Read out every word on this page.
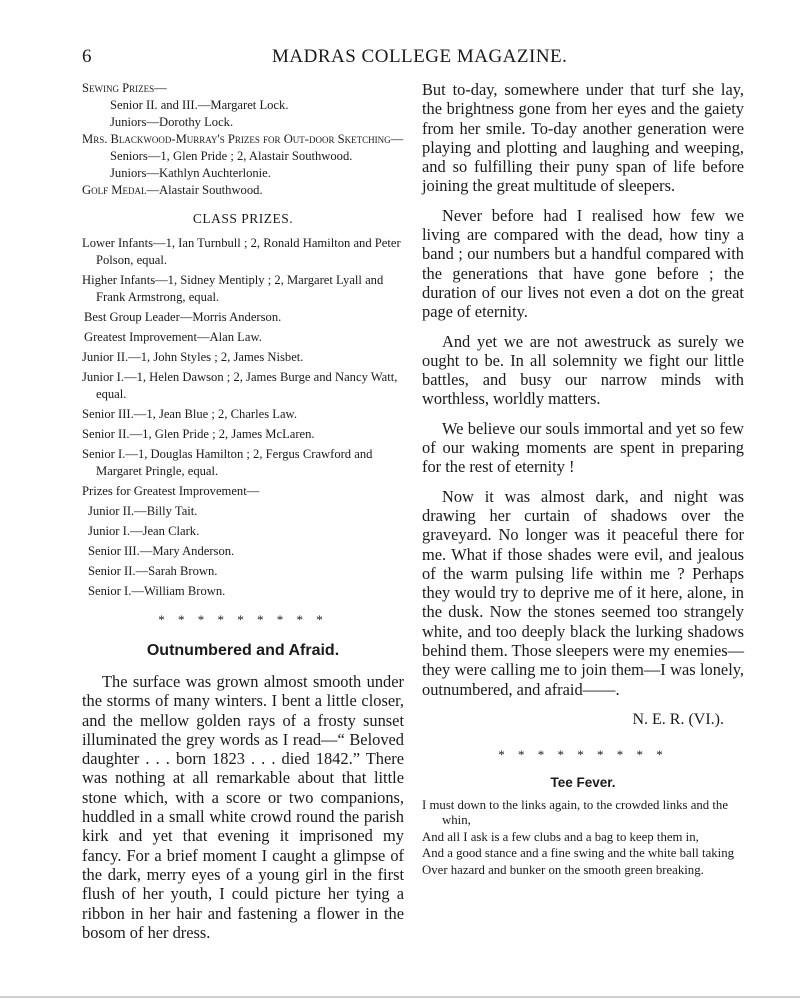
6	MADRAS COLLEGE MAGAZINE.
Sewing Prizes—
Senior II. and III.—Margaret Lock.
Juniors—Dorothy Lock.
Mrs. Blackwood-Murray's Prizes for Out-door Sketching—
Seniors—1, Glen Pride ; 2, Alastair Southwood.
Juniors—Kathlyn Auchterlonie.
Golf Medal—Alastair Southwood.
CLASS PRIZES.
Lower Infants—1, Ian Turnbull ; 2, Ronald Hamilton and Peter Polson, equal.
Higher Infants—1, Sidney Mentiply ; 2, Margaret Lyall and Frank Armstrong, equal.
Best Group Leader—Morris Anderson.
Greatest Improvement—Alan Law.
Junior II.—1, John Styles ; 2, James Nisbet.
Junior I.—1, Helen Dawson ; 2, James Burge and Nancy Watt, equal.
Senior III.—1, Jean Blue ; 2, Charles Law.
Senior II.—1, Glen Pride ; 2, James McLaren.
Senior I.—1, Douglas Hamilton ; 2, Fergus Crawford and Margaret Pringle, equal.
Prizes for Greatest Improvement—
Junior II.—Billy Tait.
Junior I.—Jean Clark.
Senior III.—Mary Anderson.
Senior II.—Sarah Brown.
Senior I.—William Brown.
* * * * * * * * *
Outnumbered and Afraid.

The surface was grown almost smooth under the storms of many winters. I bent a little closer, and the mellow golden rays of a frosty sunset illuminated the grey words as I read—“ Beloved daughter . . . born 1823 . . . died 1842.” There was nothing at all remarkable about that little stone which, with a score or two companions, huddled in a small white crowd round the parish kirk and yet that evening it imprisoned my fancy. For a brief moment I caught a glimpse of the dark, merry eyes of a young girl in the first flush of her youth, I could picture her tying a ribbon in her hair and fastening a flower in the bosom of her dress.

But to-day, somewhere under that turf she lay, the brightness gone from her eyes and the gaiety from her smile. To-day another generation were playing and plotting and laughing and weeping, and so fulfilling their puny span of life before joining the great multitude of sleepers.

Never before had I realised how few we living are compared with the dead, how tiny a band ; our numbers but a handful compared with the generations that have gone before ; the duration of our lives not even a dot on the great page of eternity.

And yet we are not awestruck as surely we ought to be. In all solemnity we fight our little battles, and busy our narrow minds with worthless, worldly matters.

We believe our souls immortal and yet so few of our waking moments are spent in preparing for the rest of eternity !

Now it was almost dark, and night was drawing her curtain of shadows over the graveyard. No longer was it peaceful there for me. What if those shades were evil, and jealous of the warm pulsing life within me ? Perhaps they would try to deprive me of it here, alone, in the dusk. Now the stones seemed too strangely white, and too deeply black the lurking shadows behind them. Those sleepers were my enemies—they were calling me to join them—I was lonely, outnumbered, and afraid——.

N. E. R. (VI.).
* * * * * * * * *
Tee Fever.
I must down to the links again, to the crowded links and the whin,
And all I ask is a few clubs and a bag to keep them in,
And a good stance and a fine swing and the white ball taking
Over hazard and bunker on the smooth green breaking.
